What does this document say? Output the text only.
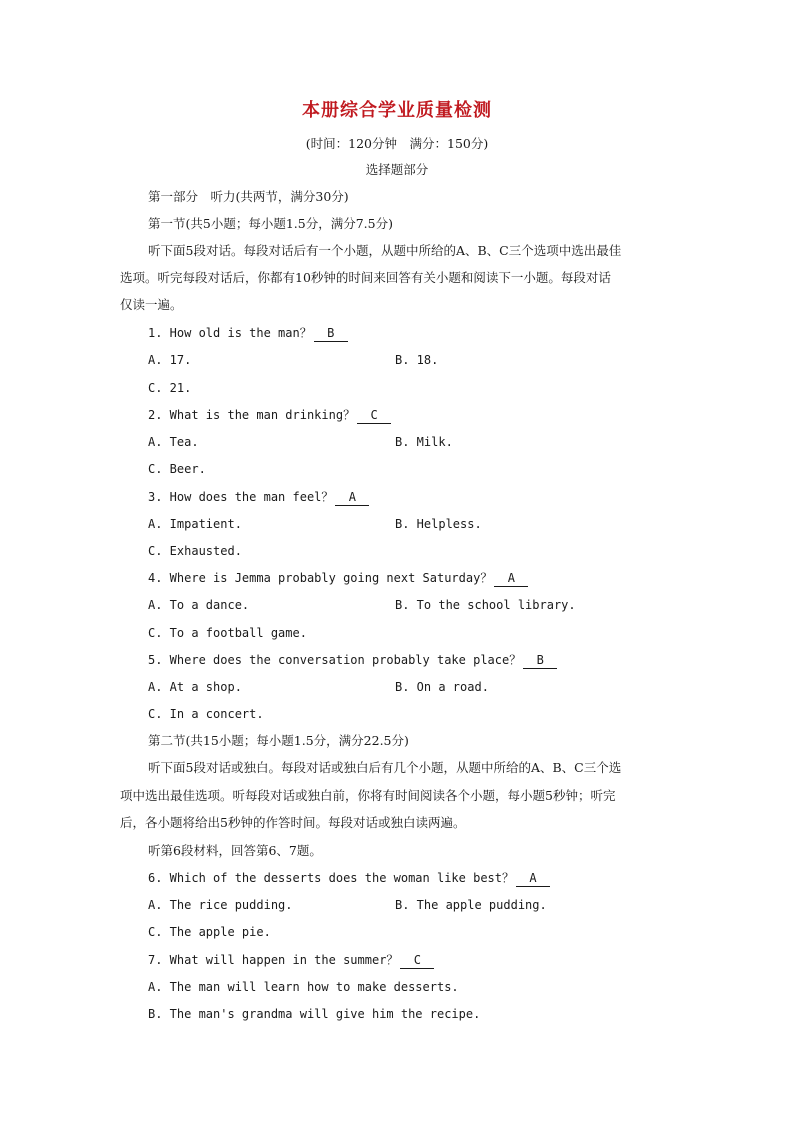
本册综合学业质量检测
(时间：120分钟　满分：150分)
选择题部分
第一部分　听力(共两节，满分30分)
第一节(共5小题；每小题1.5分，满分7.5分)
听下面5段对话。每段对话后有一个小题，从题中所给的A、B、C三个选项中选出最佳
选项。听完每段对话后，你都有10秒钟的时间来回答有关小题和阅读下一小题。每段对话
仅读一遍。
1. How old is the man？ B
A. 17.	B. 18.
C. 21.
2. What is the man drinking？ C
A. Tea.	B. Milk.
C. Beer.
3. How does the man feel？ A
A. Impatient.	B. Helpless.
C. Exhausted.
4. Where is Jemma probably going next Saturday？ A
A. To a dance.	B. To the school library.
C. To a football game.
5. Where does the conversation probably take place？ B
A. At a shop.	B. On a road.
C. In a concert.
第二节(共15小题；每小题1.5分，满分22.5分)
听下面5段对话或独白。每段对话或独白后有几个小题，从题中所给的A、B、C三个选
项中选出最佳选项。听每段对话或独白前，你将有时间阅读各个小题，每小题5秒钟；听完
后，各小题将给出5秒钟的作答时间。每段对话或独白读两遍。
听第6段材料，回答第6、7题。
6. Which of the desserts does the woman like best？ A
A. The rice pudding.	B. The apple pudding.
C. The apple pie.
7. What will happen in the summer？ C
A. The man will learn how to make desserts.
B. The man's grandma will give him the recipe.
